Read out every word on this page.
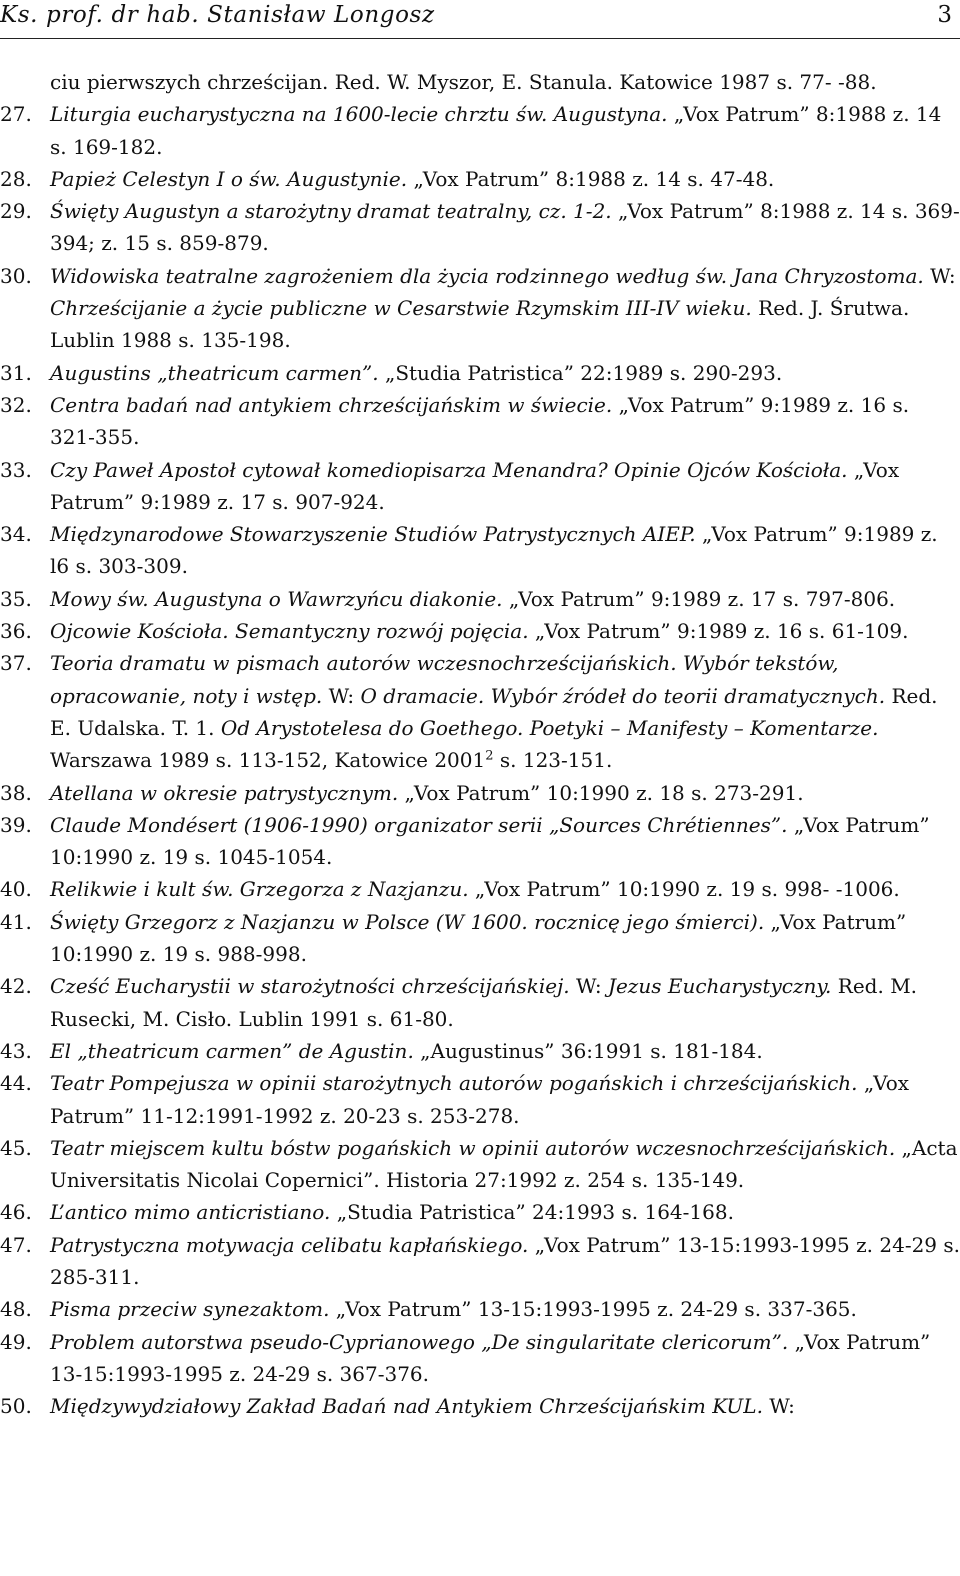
Ks. prof. dr hab. Stanisław Longosz	3
ciu pierwszych chrześcijan. Red. W. Myszor, E. Stanula. Katowice 1987 s. 77- -88.
27. Liturgia eucharystyczna na 1600-lecie chrztu św. Augustyna. „Vox Patrum” 8:1988 z. 14 s. 169-182.
28. Papież Celestyn I o św. Augustynie. „Vox Patrum” 8:1988 z. 14 s. 47-48.
29. Święty Augustyn a starożytny dramat teatralny, cz. 1-2. „Vox Patrum” 8:1988 z. 14 s. 369-394; z. 15 s. 859-879.
30. Widowiska teatralne zagrożeniem dla życia rodzinnego według św. Jana Chryzostoma. W: Chrześcijanie a życie publiczne w Cesarstwie Rzymskim III-IV wieku. Red. J. Śrutwa. Lublin 1988 s. 135-198.
31. Augustins „theatricum carmen”. „Studia Patristica” 22:1989 s. 290-293.
32. Centra badań nad antykiem chrześcijańskim w świecie. „Vox Patrum” 9:1989 z. 16 s. 321-355.
33. Czy Paweł Apostoł cytował komediopisarza Menandra? Opinie Ojców Kościoła. „Vox Patrum” 9:1989 z. 17 s. 907-924.
34. Międzynarodowe Stowarzyszenie Studiów Patrystycznych AIEP. „Vox Patrum” 9:1989 z. l6 s. 303-309.
35. Mowy św. Augustyna o Wawrzyńcu diakonie. „Vox Patrum” 9:1989 z. 17 s. 797-806.
36. Ojcowie Kościoła. Semantyczny rozwój pojęcia. „Vox Patrum” 9:1989 z. 16 s. 61-109.
37. Teoria dramatu w pismach autorów wczesnochrześcijańskich. Wybór tekstów, opracowanie, noty i wstęp. W: O dramacie. Wybór źródeł do teorii dramatycznych. Red. E. Udalska. T. 1. Od Arystotelesa do Goethego. Poetyki – Manifesty – Komentarze. Warszawa 1989 s. 113-152, Katowice 2001$^2$ s. 123-151.
38. Atellana w okresie patrystycznym. „Vox Patrum” 10:1990 z. 18 s. 273-291.
39. Claude Mondésert (1906-1990) organizator serii „Sources Chrétiennes”. „Vox Patrum” 10:1990 z. 19 s. 1045-1054.
40. Relikwie i kult św. Grzegorza z Nazjanzu. „Vox Patrum” 10:1990 z. 19 s. 998- -1006.
41. Święty Grzegorz z Nazjanzu w Polsce (W 1600. rocznicę jego śmierci). „Vox Patrum” 10:1990 z. 19 s. 988-998.
42. Cześć Eucharystii w starożytności chrześcijańskiej. W: Jezus Eucharystyczny. Red. M. Rusecki, M. Cisło. Lublin 1991 s. 61-80.
43. El „theatricum carmen” de Agustin. „Augustinus” 36:1991 s. 181-184.
44. Teatr Pompejusza w opinii starożytnych autorów pogańskich i chrześcijańskich. „Vox Patrum” 11-12:1991-1992 z. 20-23 s. 253-278.
45. Teatr miejscem kultu bóstw pogańskich w opinii autorów wczesnochrześcijańskich. „Acta Universitatis Nicolai Copernici”. Historia 27:1992 z. 254 s. 135-149.
46. L’antico mimo anticristiano. „Studia Patristica” 24:1993 s. 164-168.
47. Patrystyczna motywacja celibatu kapłańskiego. „Vox Patrum” 13-15:1993-1995 z. 24-29 s. 285-311.
48. Pisma przeciw synezaktom. „Vox Patrum” 13-15:1993-1995 z. 24-29 s. 337-365.
49. Problem autorstwa pseudo-Cyprianowego „De singularitate clericorum”. „Vox Patrum” 13-15:1993-1995 z. 24-29 s. 367-376.
50. Międzywydziałowy Zakład Badań nad Antykiem Chrześcijańskim KUL. W:
